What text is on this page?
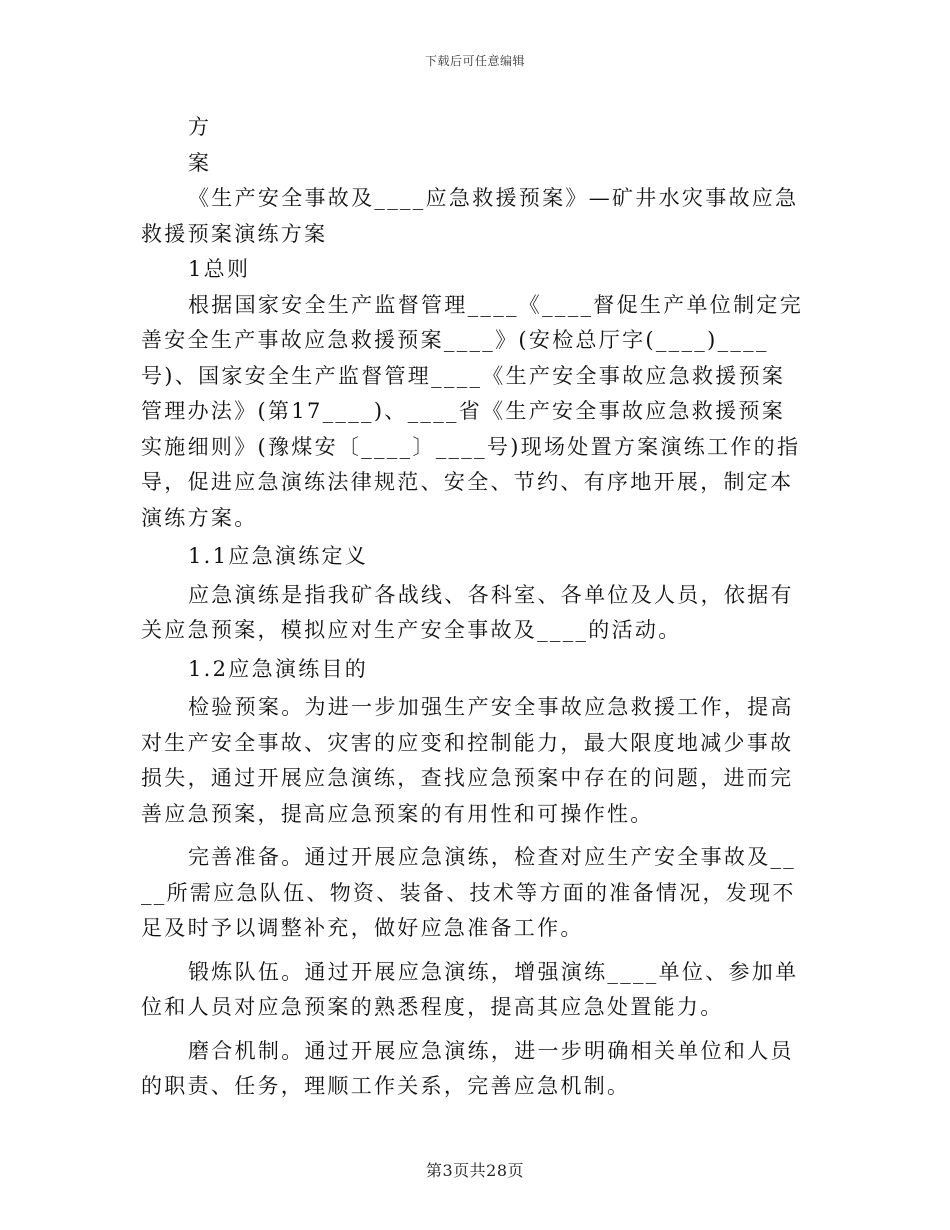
下载后可任意编辑

方

案

《生产安全事故及____应急救援预案》—矿井水灾事故应急救援预案演练方案

1总则

根据国家安全生产监督管理____《____督促生产单位制定完善安全生产事故应急救援预案____》(安检总厅字(____)____号)、国家安全生产监督管理____《生产安全事故应急救援预案管理办法》(第17____)、____省《生产安全事故应急救援预案实施细则》(豫煤安〔____〕____号)现场处置方案演练工作的指导，促进应急演练法律规范、安全、节约、有序地开展，制定本演练方案。

1.1应急演练定义

应急演练是指我矿各战线、各科室、各单位及人员，依据有关应急预案，模拟应对生产安全事故及____的活动。

1.2应急演练目的

检验预案。为进一步加强生产安全事故应急救援工作，提高对生产安全事故、灾害的应变和控制能力，最大限度地减少事故损失，通过开展应急演练，查找应急预案中存在的问题，进而完善应急预案，提高应急预案的有用性和可操作性。

完善准备。通过开展应急演练，检查对应生产安全事故及____所需应急队伍、物资、装备、技术等方面的准备情况，发现不足及时予以调整补充，做好应急准备工作。

锻炼队伍。通过开展应急演练，增强演练____单位、参加单位和人员对应急预案的熟悉程度，提高其应急处置能力。

磨合机制。通过开展应急演练，进一步明确相关单位和人员的职责、任务，理顺工作关系，完善应急机制。

第3页共28页
